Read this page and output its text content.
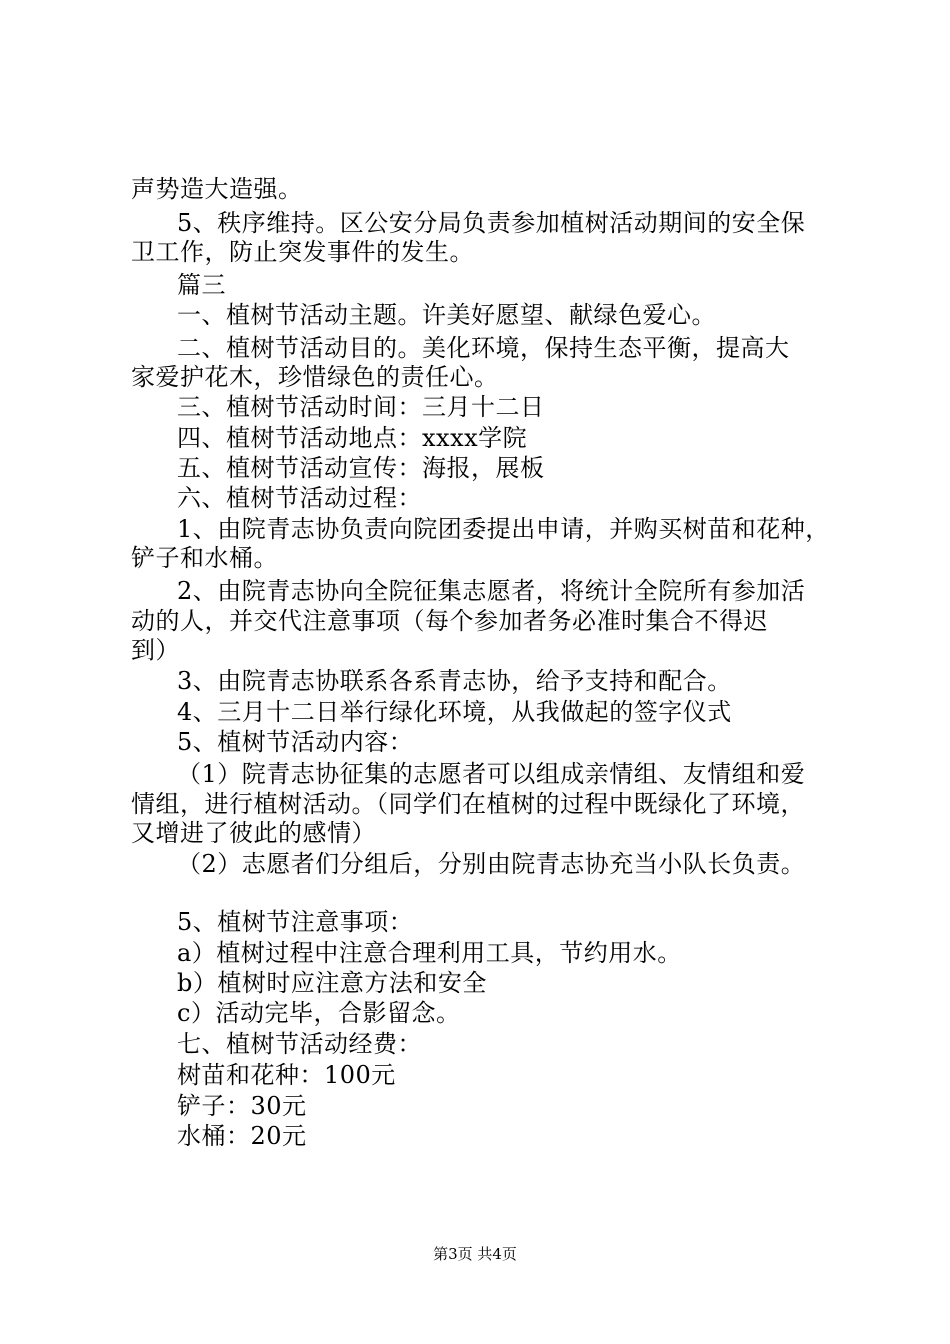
声势造大造强。
5、秩序维持。区公安分局负责参加植树活动期间的安全保
卫工作，防止突发事件的发生。
篇三
一、植树节活动主题。许美好愿望、献绿色爱心。
二、植树节活动目的。美化环境，保持生态平衡，提高大
家爱护花木，珍惜绿色的责任心。
三、植树节活动时间：三月十二日
四、植树节活动地点：xxxx学院
五、植树节活动宣传：海报，展板
六、植树节活动过程：
1、由院青志协负责向院团委提出申请，并购买树苗和花种，
铲子和水桶。
2、由院青志协向全院征集志愿者，将统计全院所有参加活
动的人，并交代注意事项（每个参加者务必准时集合不得迟
到）
3、由院青志协联系各系青志协，给予支持和配合。
4、三月十二日举行绿化环境，从我做起的签字仪式
5、植树节活动内容：
（1）院青志协征集的志愿者可以组成亲情组、友情组和爱
情组，进行植树活动。（同学们在植树的过程中既绿化了环境，
又增进了彼此的感情）
（2）志愿者们分组后，分别由院青志协充当小队长负责。
5、植树节注意事项：
a）植树过程中注意合理利用工具，节约用水。
b）植树时应注意方法和安全
c）活动完毕，合影留念。
七、植树节活动经费：
树苗和花种：100元
铲子：30元
水桶：20元
第3页 共4页
